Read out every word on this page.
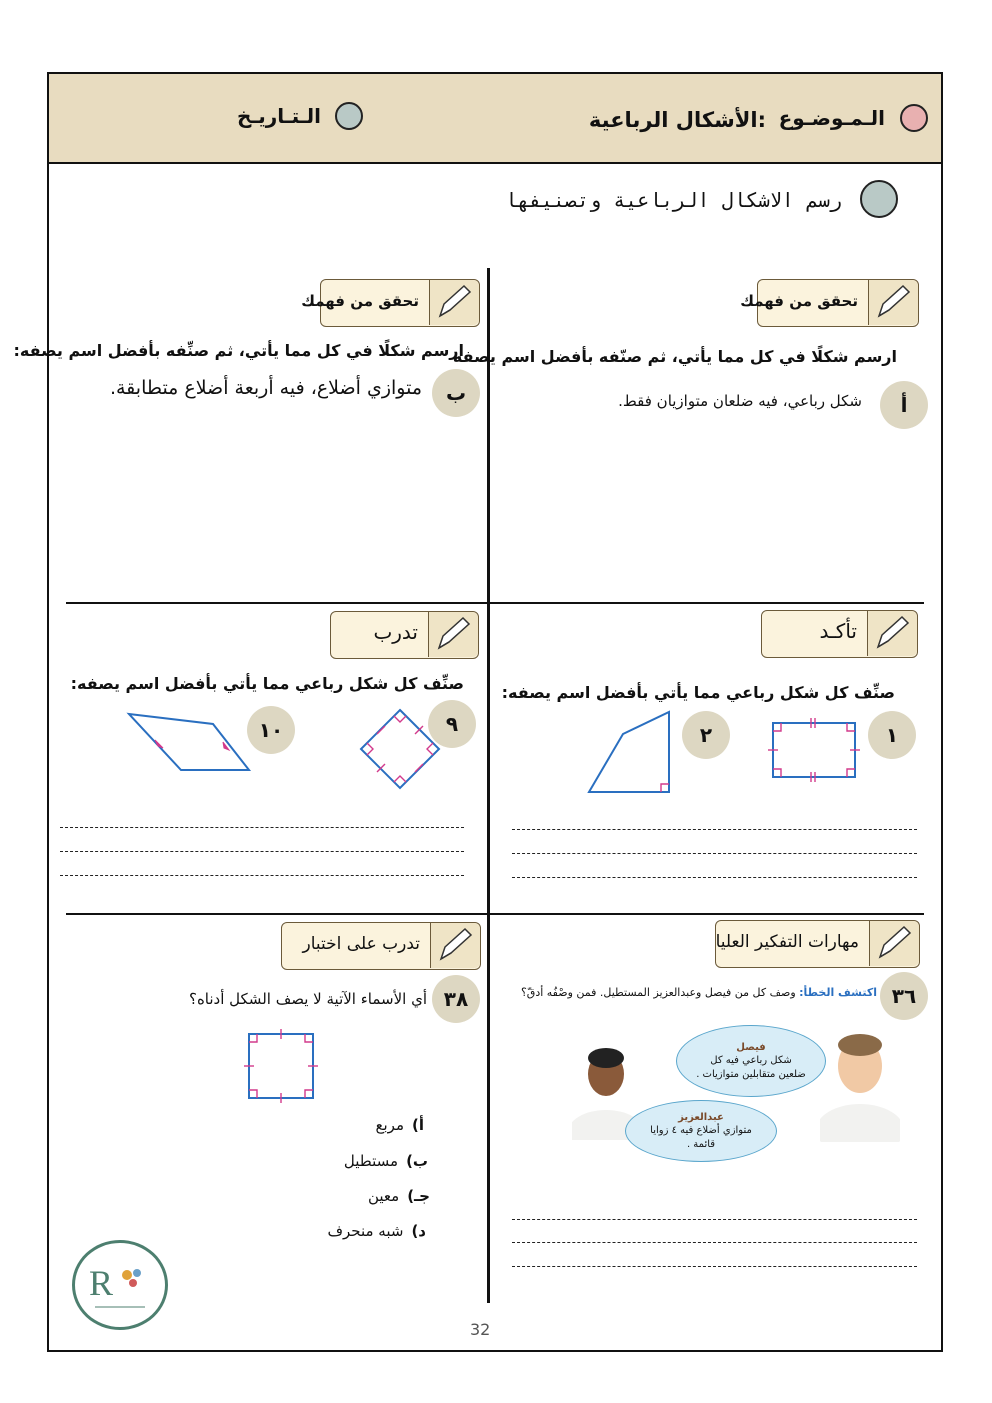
الـمـوضـوع
:الأشكال الرباعية
الـتـاريـخ
رسم الاشكال الرباعية وتصنيفها
تحقق من فهمك
ارسم شكلًا في كل مما يأتي، ثم صنّفه بأفضل اسم يصفه
أ
شكل رباعي، فيه ضلعان متوازيان فقط.
تحقق من فهمك
ارسم شكلًا في كل مما يأتي، ثم صنِّفه بأفضل اسم يصفه:
ب
متوازي أضلاع، فيه أربعة أضلاع متطابقة.
تأكـد
صنِّف كل شكل رباعي مما يأتي بأفضل اسم يصفه:
١
٢
تدرب
صنِّف كل شكل رباعي مما يأتي بأفضل اسم يصفه:
٩
١٠
مهارات التفكير العليا
٣٦
اكتشف الخطأ: وصف كل من فيصل وعبدالعزيز المستطيل. فمن وصْفُه أدقّ؟
فيصل
شكل رباعي فيه كل ضلعين متقابلين متوازيات .
عبدالعزيز
متوازي أضلاع فيه ٤ زوايا قائمة .
تدرب على اختبار
٣٨
أي الأسماء الآتية لا يصف الشكل أدناه؟
أ)مربع
ب)مستطيل
جـ)معين
د)شبه منحرف
R
32
